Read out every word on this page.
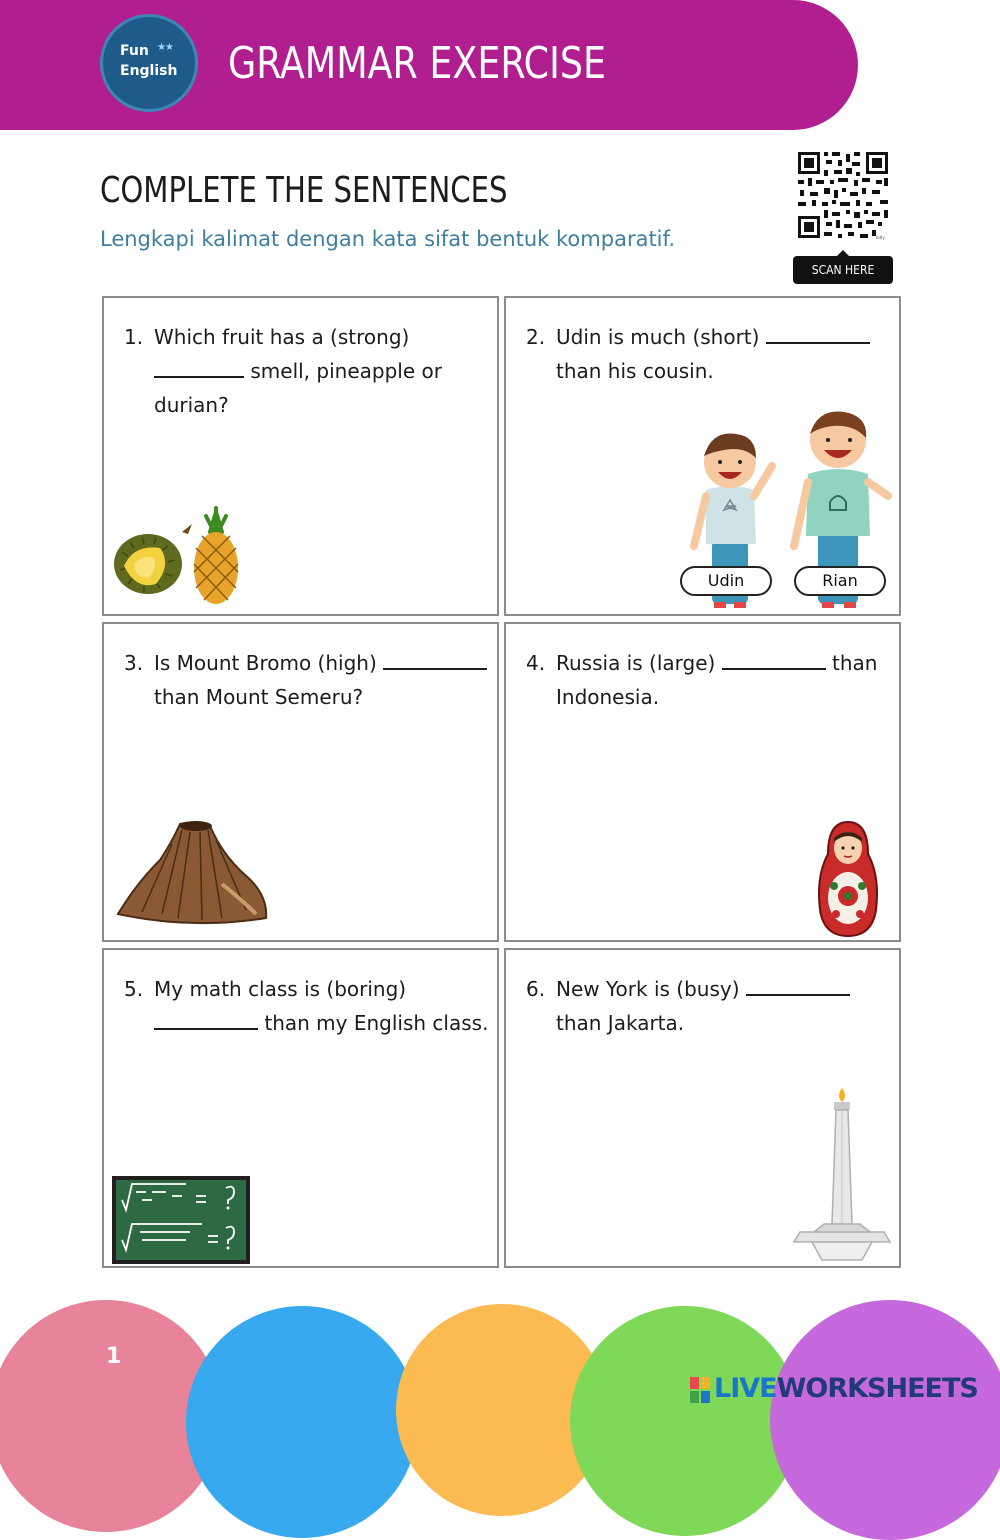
Fun ★★
English GRAMMAR EXERCISE
COMPLETE THE SENTENCES
Lengkapi kalimat dengan kata sifat bentuk komparatif.	bitly
SCAN HERE
1. Which fruit has a (strong)
smell, pineapple or durian?
2. Udin is much (short)
than his cousin.
Udin	Rian
3. Is Mount Bromo (high)
than Mount Semeru?
4. Russia is (large)	than Indonesia.
5. My math class is (boring)
than my English class.
6. New York is (busy)
than Jakarta.
1
LIVEWORKSHEETS
